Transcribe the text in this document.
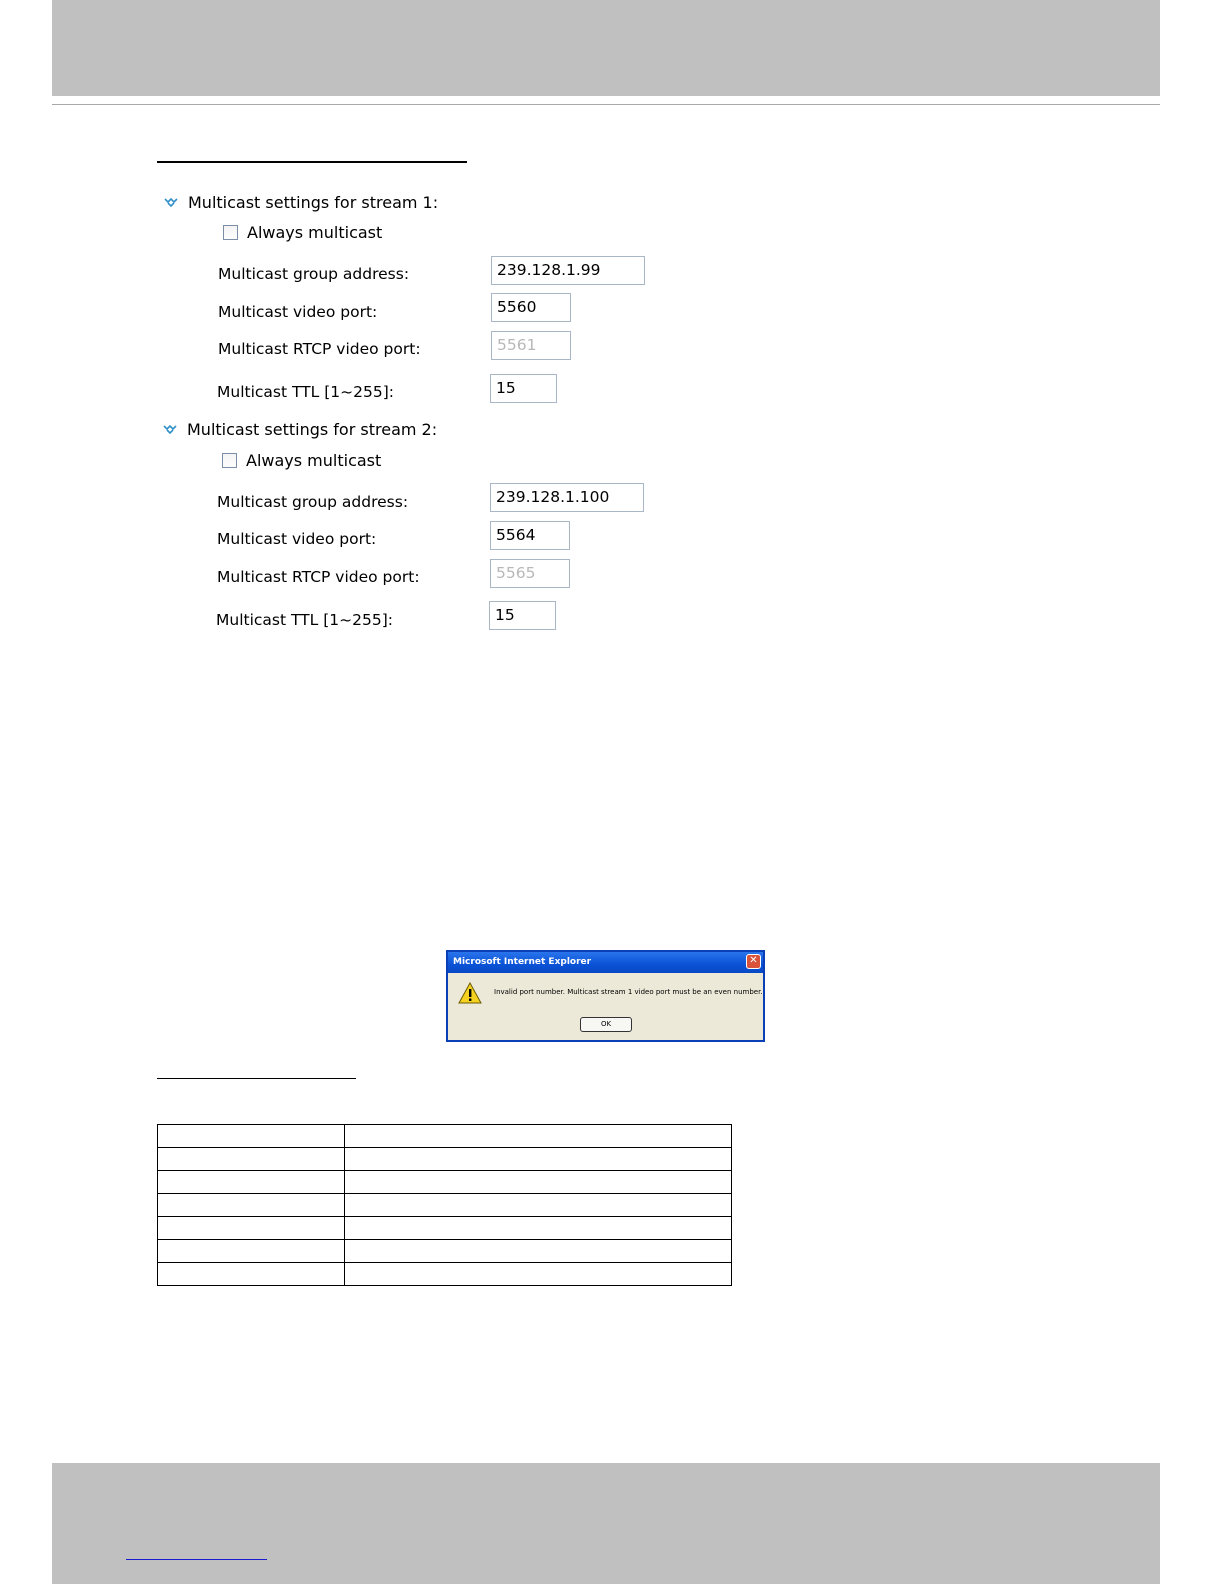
Multicast settings for stream 1:
Always multicast
Multicast group address:	239.128.1.99
Multicast video port:	5560
Multicast RTCP video port:	5561
Multicast TTL [1~255]:	15
Multicast settings for stream 2:
Always multicast
Multicast group address:	239.128.1.100
Multicast video port:	5564
Multicast RTCP video port:	5565
Multicast TTL [1~255]:	15
Microsoft Internet Explorer	✕
Invalid port number. Multicast stream 1 video port must be an even number.
OK
